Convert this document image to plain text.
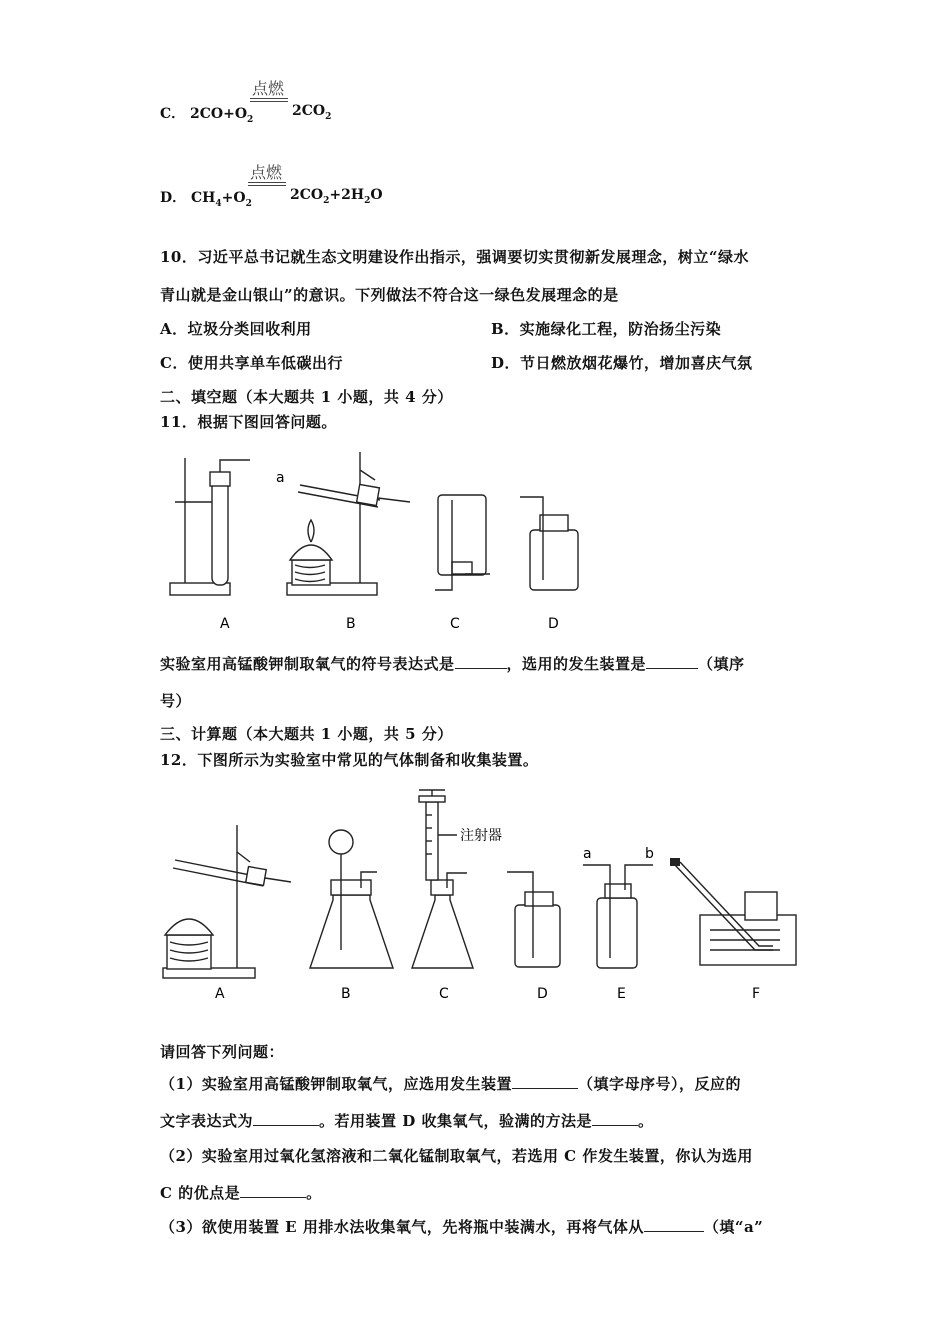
点燃
C． $2CO+O_2$
$2CO_2$
点燃
D． $CH_4+O_2$
$2CO_2+2H_2O$
10．习近平总书记就生态文明建设作出指示，强调要切实贯彻新发展理念，树立“绿水
青山就是金山银山”的意识。下列做法不符合这一绿色发展理念的是
A．垃圾分类回收利用	B．实施绿化工程，防治扬尘污染
C．使用共享单车低碳出行	D．节日燃放烟花爆竹，增加喜庆气氛
二、填空题（本大题共 1 小题，共 4 分）
11．根据下图回答问题。
a
A	B	C	D
实验室用高锰酸钾制取氧气的符号表达式是	，选用的发生装置是	（填序
号）
三、计算题（本大题共 1 小题，共 5 分）
12．下图所示为实验室中常见的气体制备和收集装置。
注射器
a	b
A	B	C	D	E	F
请回答下列问题：
（1）实验室用高锰酸钾制取氧气，应选用发生装置	（填字母序号），反应的
文字表达式为	。若用装置 D 收集氧气，验满的方法是	。
（2）实验室用过氧化氢溶液和二氧化锰制取氧气，若选用 C 作发生装置，你认为选用
C 的优点是	。
（3）欲使用装置 E 用排水法收集氧气，先将瓶中装满水，再将气体从	（填“a”
